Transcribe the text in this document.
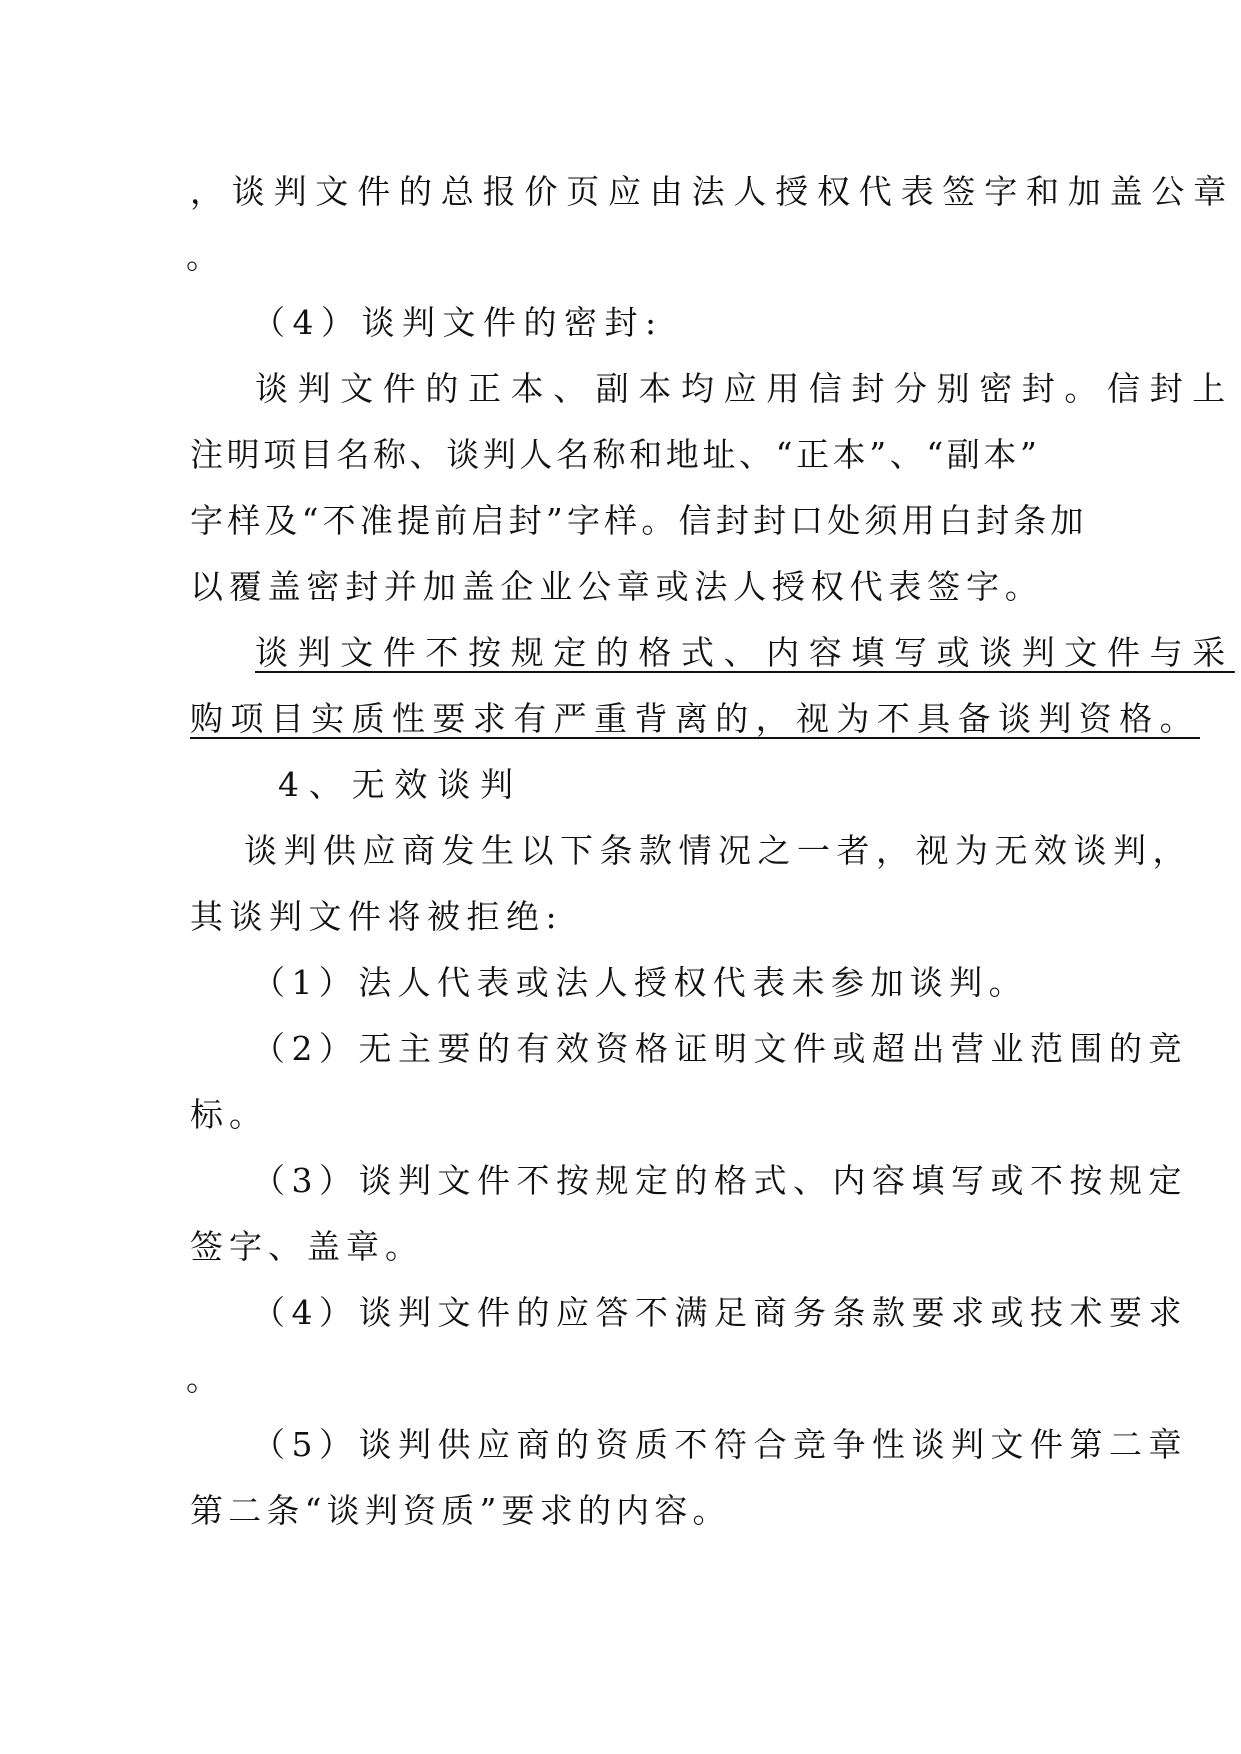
，谈判文件的总报价页应由法人授权代表签字和加盖公章
。
（4）谈判文件的密封:
谈判文件的正本、副本均应用信封分别密封。信封上
注明项目名称、谈判人名称和地址、“正本”、“副本”
字样及“不准提前启封”字样。信封封口处须用白封条加
以覆盖密封并加盖企业公章或法人授权代表签字。
谈判文件不按规定的格式、内容填写或谈判文件与采
购项目实质性要求有严重背离的，视为不具备谈判资格。
4、无效谈判
谈判供应商发生以下条款情况之一者，视为无效谈判，
其谈判文件将被拒绝:
（1）法人代表或法人授权代表未参加谈判。
（2）无主要的有效资格证明文件或超出营业范围的竞
标。
（3）谈判文件不按规定的格式、内容填写或不按规定
签字、盖章。
（4）谈判文件的应答不满足商务条款要求或技术要求
。
（5）谈判供应商的资质不符合竞争性谈判文件第二章
第二条“谈判资质”要求的内容。
